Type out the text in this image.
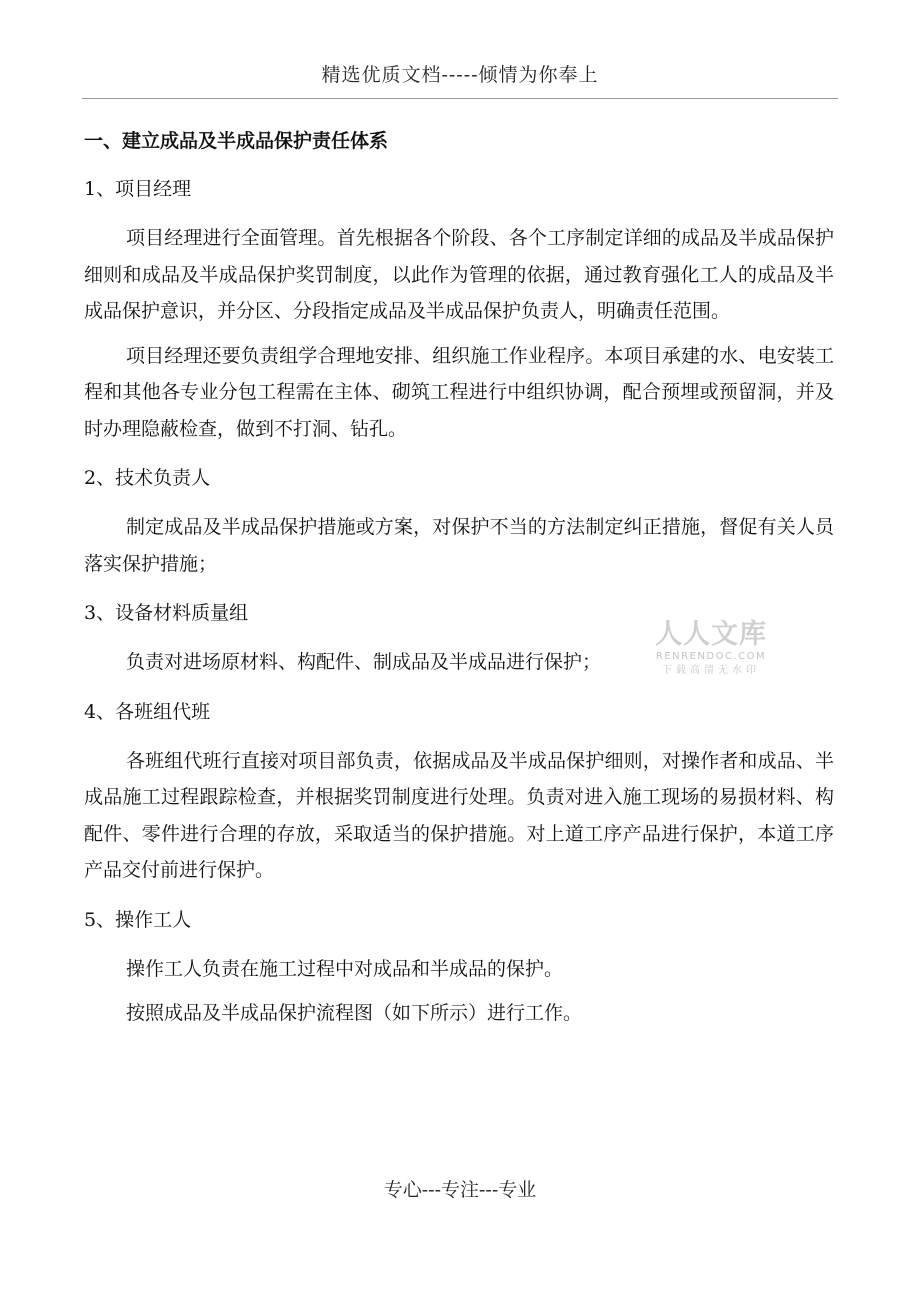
精选优质文档-----倾情为你奉上
一、建立成品及半成品保护责任体系
1、项目经理

项目经理进行全面管理。首先根据各个阶段、各个工序制定详细的成品及半成品保护细则和成品及半成品保护奖罚制度，以此作为管理的依据，通过教育强化工人的成品及半成品保护意识，并分区、分段指定成品及半成品保护负责人，明确责任范围。

项目经理还要负责组学合理地安排、组织施工作业程序。本项目承建的水、电安装工程和其他各专业分包工程需在主体、砌筑工程进行中组织协调，配合预埋或预留洞，并及时办理隐蔽检查，做到不打洞、钻孔。

2、技术负责人

制定成品及半成品保护措施或方案，对保护不当的方法制定纠正措施，督促有关人员落实保护措施；

3、设备材料质量组

负责对进场原材料、构配件、制成品及半成品进行保护；

4、各班组代班

各班组代班行直接对项目部负责，依据成品及半成品保护细则，对操作者和成品、半成品施工过程跟踪检查，并根据奖罚制度进行处理。负责对进入施工现场的易损材料、构配件、零件进行合理的存放，采取适当的保护措施。对上道工序产品进行保护，本道工序产品交付前进行保护。

5、操作工人

操作工人负责在施工过程中对成品和半成品的保护。

按照成品及半成品保护流程图（如下所示）进行工作。

人人文库
RENRENDOC.COM
下载高清无水印
专心---专注---专业
